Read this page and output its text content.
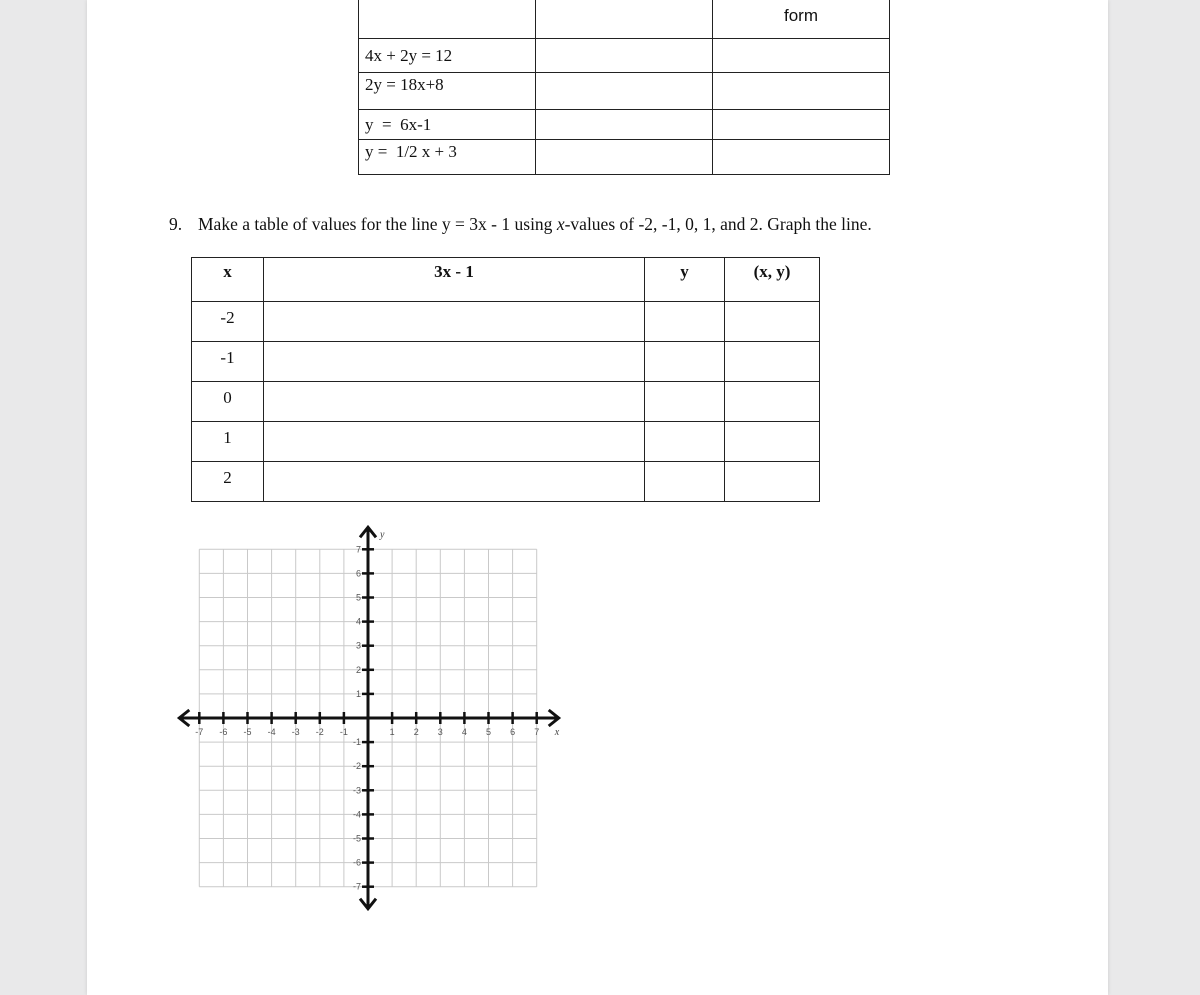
		form
4x + 2y = 12		
2y = 18x+8		
y  =  6x-1		
y =  1/2 x + 3		
9. Make a table of values for the line y = 3x - 1 using x-values of -2, -1, 0, 1, and 2. Graph the line.
x	3x - 1	y	(x, y)
-2			
-1			
0			
1			
2			
-7 -6 -5 -4 -3 -2 -1	1 2 3 4 5 6 7
7
6
5
4
3
2
1
-1
-2
-3
-4
-5
-6
-7
x
y
